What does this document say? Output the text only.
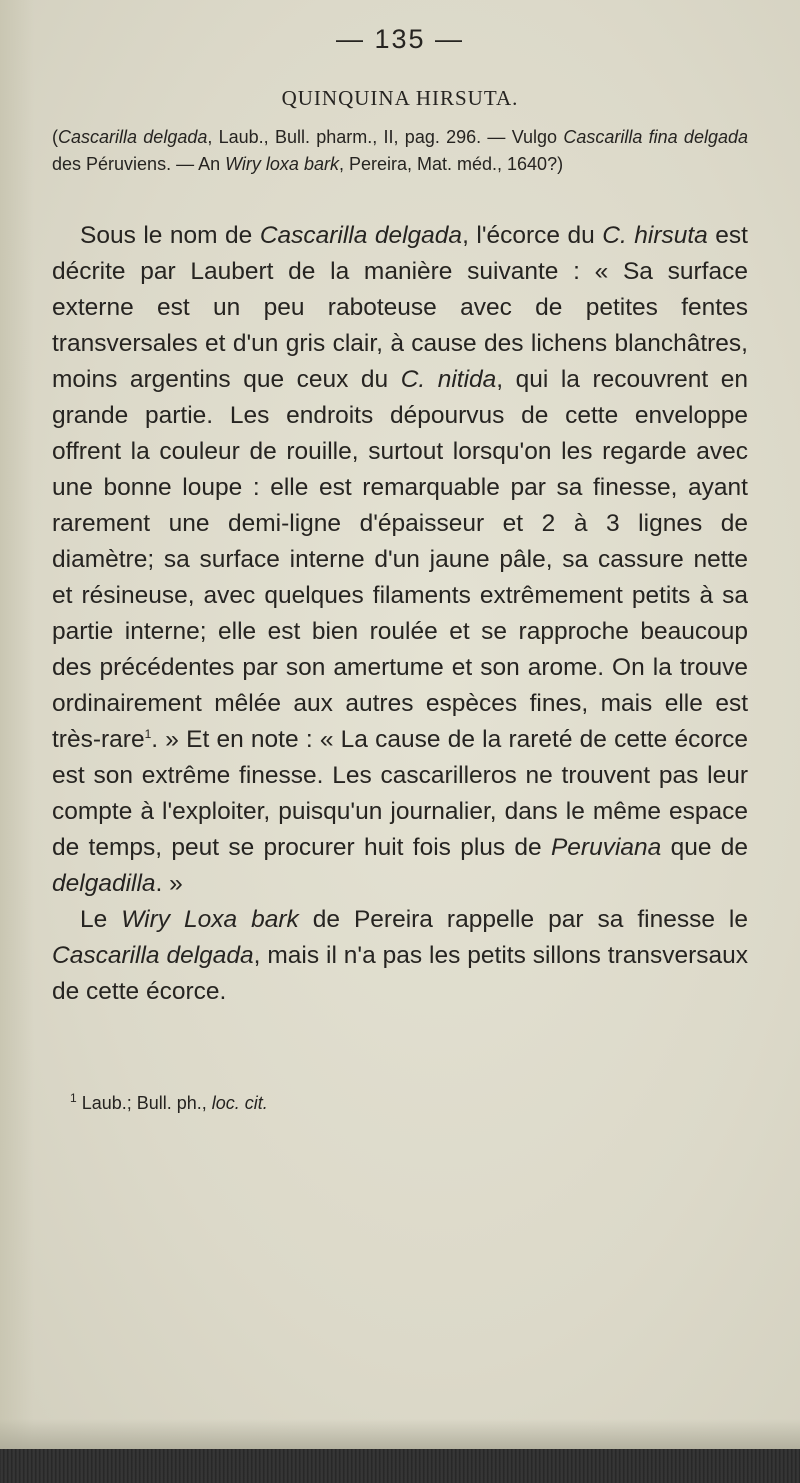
— 135 —
QUINQUINA HIRSUTA.
(Cascarilla delgada, Laub., Bull. pharm., II, pag. 296. — Vulgo Cascarilla fina delgada des Péruviens. — An Wiry loxa bark, Pereira, Mat. méd., 1640?)

Sous le nom de Cascarilla delgada, l'écorce du C. hirsuta est décrite par Laubert de la manière suivante : « Sa surface externe est un peu raboteuse avec de petites fentes transversales et d'un gris clair, à cause des lichens blanchâtres, moins argentins que ceux du C. nitida, qui la recouvrent en grande partie. Les endroits dépourvus de cette enveloppe offrent la couleur de rouille, surtout lorsqu'on les regarde avec une bonne loupe : elle est remarquable par sa finesse, ayant rarement une demi-ligne d'épaisseur et 2 à 3 lignes de diamètre; sa surface interne d'un jaune pâle, sa cassure nette et résineuse, avec quelques filaments extrêmement petits à sa partie interne; elle est bien roulée et se rapproche beaucoup des précédentes par son amertume et son arome. On la trouve ordinairement mêlée aux autres espèces fines, mais elle est très-rare$^1$. » Et en note : « La cause de la rareté de cette écorce est son extrême finesse. Les cascarilleros ne trouvent pas leur compte à l'exploiter, puisqu'un journalier, dans le même espace de temps, peut se procurer huit fois plus de Peruviana que de delgadilla. »

Le Wiry Loxa bark de Pereira rappelle par sa finesse le Cascarilla delgada, mais il n'a pas les petits sillons transversaux de cette écorce.

$^1$ Laub.; Bull. ph., loc. cit.
